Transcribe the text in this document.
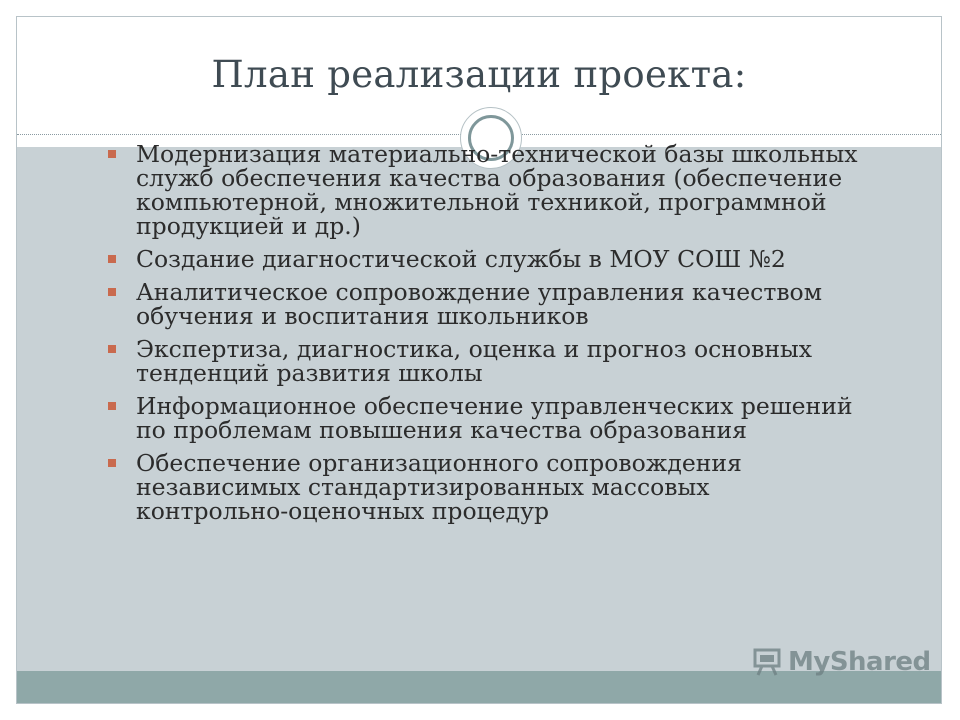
План реализации проекта:
Модернизация материально-технической базы школьных служб обеспечения качества образования (обеспечение компьютерной, множительной техникой, программной продукцией и др.)
Создание диагностической службы в МОУ СОШ №2
Аналитическое сопровождение управления качеством обучения и воспитания школьников
Экспертиза, диагностика, оценка и прогноз основных тенденций развития школы
Информационное обеспечение управленческих решений по проблемам повышения качества образования
Обеспечение организационного сопровождения независимых стандартизированных массовых контрольно-оценочных процедур
MyShared
